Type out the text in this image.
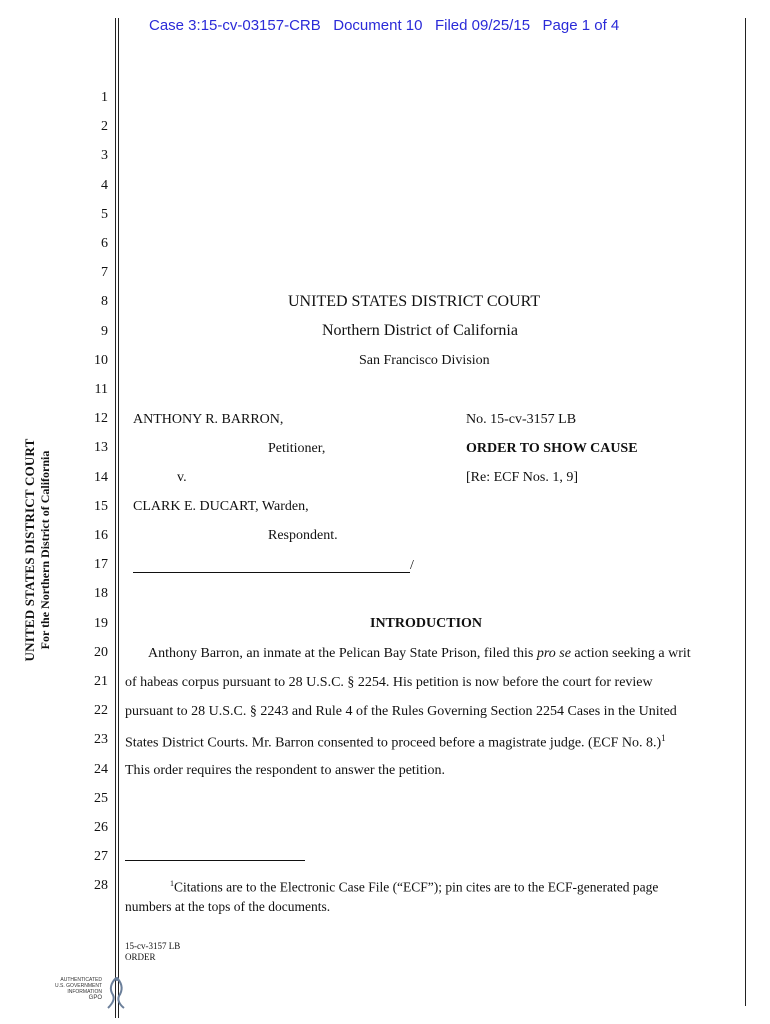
Case 3:15-cv-03157-CRB   Document 10   Filed 09/25/15   Page 1 of 4
UNITED STATES DISTRICT COURT For the Northern District of California
1
2
3
4
5
6
7
8
9
10
11
12
13
14
15
16
17
18
19
20
21
22
23
24
25
26
27
28
UNITED STATES DISTRICT COURT
Northern District of California
San Francisco Division
ANTHONY R. BARRON,
Petitioner,
v.
CLARK E. DUCART, Warden,
Respondent.
/
No. 15-cv-3157 LB
ORDER TO SHOW CAUSE
[Re: ECF Nos. 1, 9]
INTRODUCTION
Anthony Barron, an inmate at the Pelican Bay State Prison, filed this pro se action seeking a writ
of habeas corpus pursuant to 28 U.S.C. § 2254. His petition is now before the court for review
pursuant to 28 U.S.C. § 2243 and Rule 4 of the Rules Governing Section 2254 Cases in the United
States District Courts. Mr. Barron consented to proceed before a magistrate judge. (ECF No. 8.)$^1$
This order requires the respondent to answer the petition.
$^1$Citations are to the Electronic Case File (“ECF”); pin cites are to the ECF-generated page
numbers at the tops of the documents.
15-cv-3157 LB
ORDER
AUTHENTICATED
U.S. GOVERNMENT
INFORMATION
GPO
